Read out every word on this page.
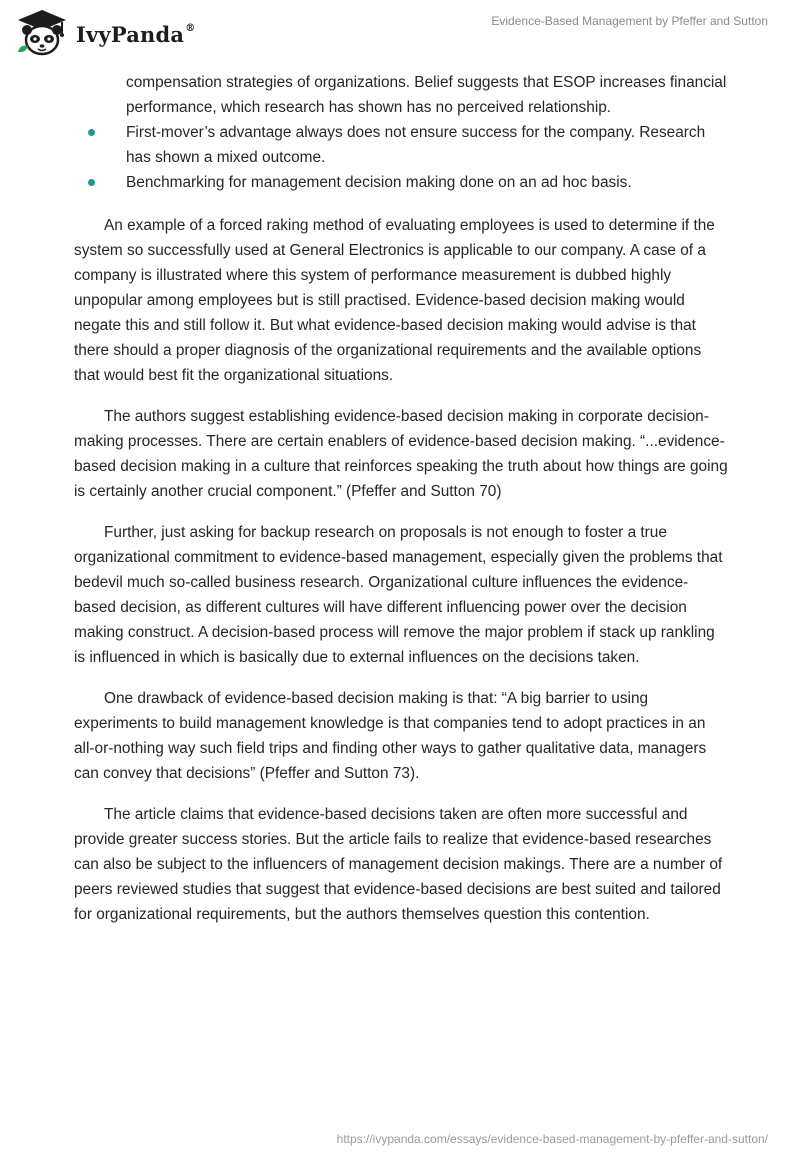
IvyPanda®	Evidence-Based Management by Pfeffer and Sutton
compensation strategies of organizations. Belief suggests that ESOP increases financial performance, which research has shown has no perceived relationship.
First-mover’s advantage always does not ensure success for the company. Research has shown a mixed outcome.
Benchmarking for management decision making done on an ad hoc basis.

An example of a forced raking method of evaluating employees is used to determine if the system so successfully used at General Electronics is applicable to our company. A case of a company is illustrated where this system of performance measurement is dubbed highly unpopular among employees but is still practised. Evidence-based decision making would negate this and still follow it. But what evidence-based decision making would advise is that there should a proper diagnosis of the organizational requirements and the available options that would best fit the organizational situations.

The authors suggest establishing evidence-based decision making in corporate decision-making processes. There are certain enablers of evidence-based decision making. “...evidence-based decision making in a culture that reinforces speaking the truth about how things are going is certainly another crucial component.” (Pfeffer and Sutton 70)

Further, just asking for backup research on proposals is not enough to foster a true organizational commitment to evidence-based management, especially given the problems that bedevil much so-called business research. Organizational culture influences the evidence-based decision, as different cultures will have different influencing power over the decision making construct. A decision-based process will remove the major problem if stack up rankling is influenced in which is basically due to external influences on the decisions taken.

One drawback of evidence-based decision making is that: “A big barrier to using experiments to build management knowledge is that companies tend to adopt practices in an all-or-nothing way such field trips and finding other ways to gather qualitative data, managers can convey that decisions” (Pfeffer and Sutton 73).

The article claims that evidence-based decisions taken are often more successful and provide greater success stories. But the article fails to realize that evidence-based researches can also be subject to the influencers of management decision makings. There are a number of peers reviewed studies that suggest that evidence-based decisions are best suited and tailored for organizational requirements, but the authors themselves question this contention.

https://ivypanda.com/essays/evidence-based-management-by-pfeffer-and-sutton/
